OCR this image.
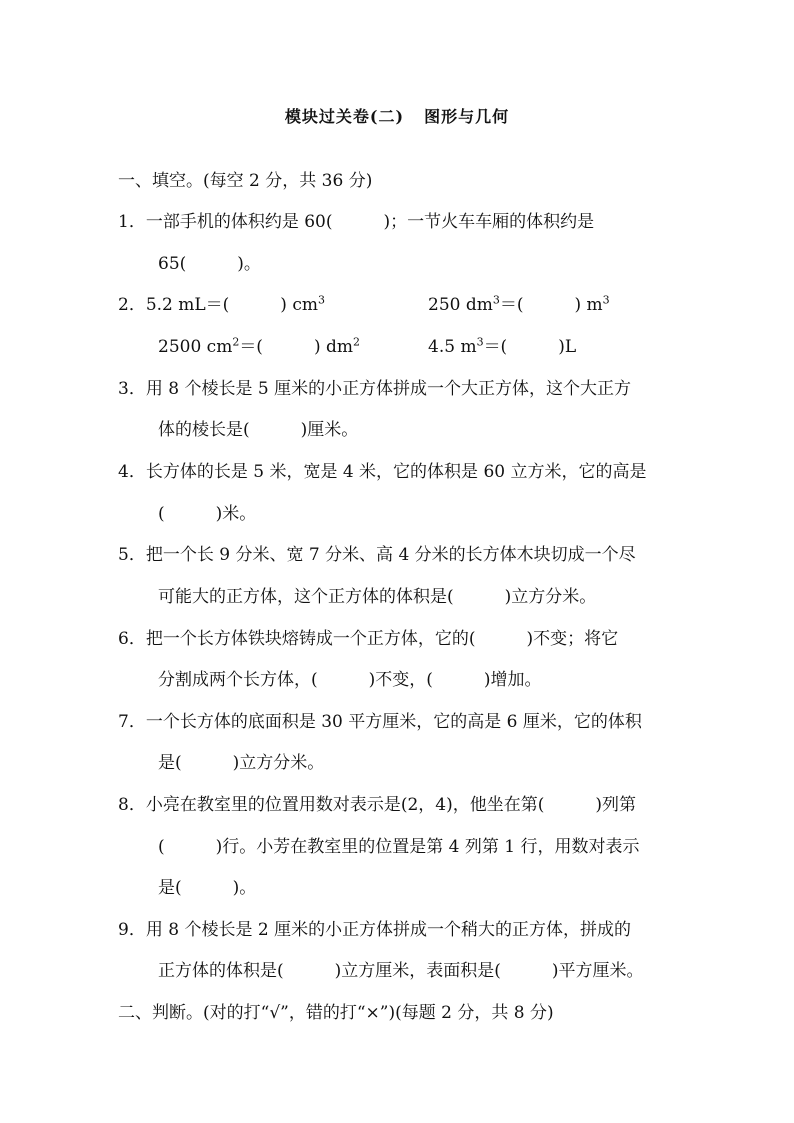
模块过关卷(二) 图形与几何
一、填空。(每空 2 分，共 36 分)
1．一部手机的体积约是 60(　　　)；一节火车车厢的体积约是
65(　　　)。
2．5.2 mL＝(　　　) $cm^3$	250 $dm^3=$(　　　) $m^3$
2500 $cm^2=$(　　　) $dm^2$	4.5 $m^3=$(　　　)L
3．用 8 个棱长是 5 厘米的小正方体拼成一个大正方体，这个大正方
体的棱长是(　　　)厘米。
4．长方体的长是 5 米，宽是 4 米，它的体积是 60 立方米，它的高是
(　　　)米。
5．把一个长 9 分米、宽 7 分米、高 4 分米的长方体木块切成一个尽
可能大的正方体，这个正方体的体积是(　　　)立方分米。
6．把一个长方体铁块熔铸成一个正方体，它的(　　　)不变；将它
分割成两个长方体，(　　　)不变，(　　　)增加。
7．一个长方体的底面积是 30 平方厘米，它的高是 6 厘米，它的体积
是(　　　)立方分米。
8．小亮在教室里的位置用数对表示是(2，4)，他坐在第(　　　)列第
(　　　)行。小芳在教室里的位置是第 4 列第 1 行，用数对表示
是(　　　)。
9．用 8 个棱长是 2 厘米的小正方体拼成一个稍大的正方体，拼成的
正方体的体积是(　　　)立方厘米，表面积是(　　　)平方厘米。
二、判断。(对的打“√”，错的打“×”)(每题 2 分，共 8 分)
